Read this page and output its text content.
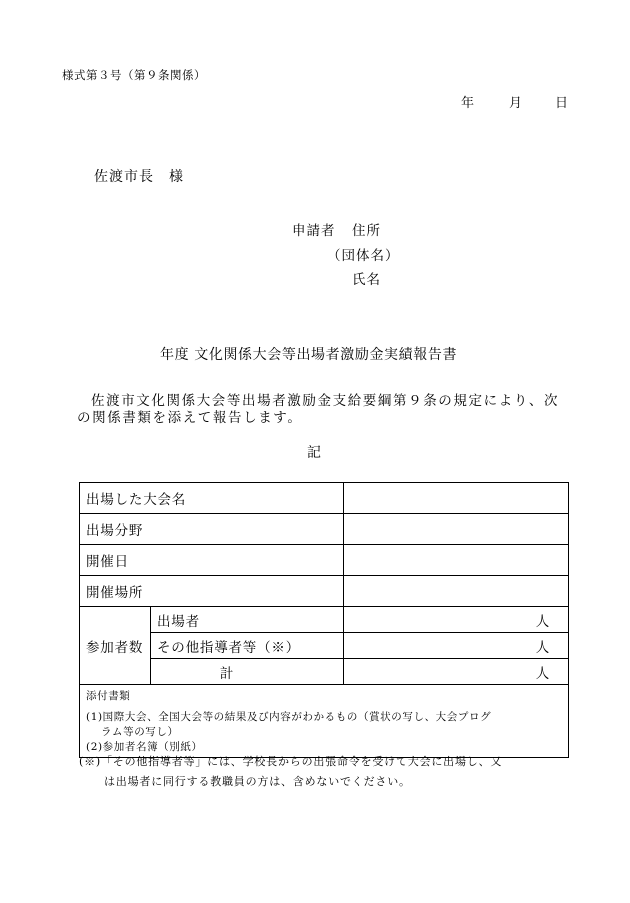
様式第３号（第９条関係）
年	月	日
佐渡市長　様
申請者 住所
（団体名）
氏名
年度 文化関係大会等出場者激励金実績報告書
佐渡市文化関係大会等出場者激励金支給要綱第９条の規定により、次
の関係書類を添えて報告します。
記
出場した大会名		
出場分野		
開催日		
開催場所		
参加者数	出場者	人

	その他指導者等（※）	人

	計	人

添付書類
(1)国際大会、全国大会等の結果及び内容がわかるもの（賞状の写し、大会プログ
ラム等の写し）
(2)参加者名簿（別紙）		
(※)「その他指導者等」には、学校長からの出張命令を受けて大会に出場し、又
は出場者に同行する教職員の方は、含めないでください。
